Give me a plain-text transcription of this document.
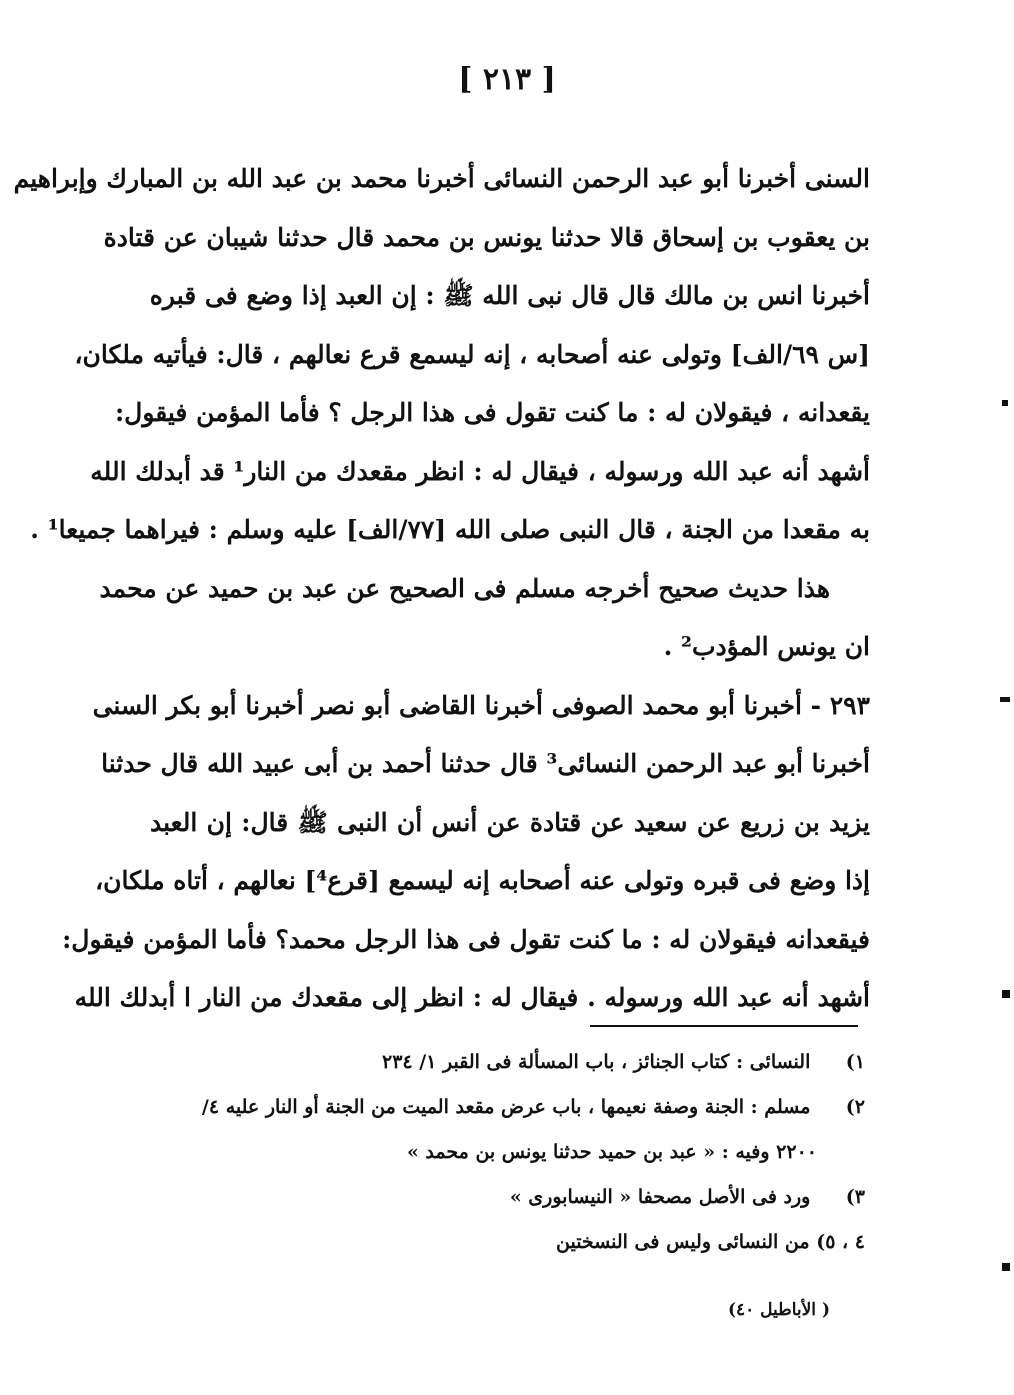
[ ٢١٣ ]
السنى أخبرنا أبو عبد الرحمن النسائى أخبرنا محمد بن عبد الله بن المبارك وإبراهيم
بن يعقوب بن إسحاق قالا حدثنا يونس بن محمد قال حدثنا شيبان عن قتادة
أخبرنا انس بن مالك قال قال نبى الله ﷺ : إن العبد إذا وضع فى قبره
[س ٦٩/الف] وتولى عنه أصحابه ، إنه ليسمع قرع نعالهم ، قال: فيأتيه ملكان،
يقعدانه ، فيقولان له : ما كنت تقول فى هذا الرجل ؟ فأما المؤمن فيقول:
أشهد أنه عبد الله ورسوله ، فيقال له : انظر مقعدك من النار¹ قد أبدلك الله
به مقعدا من الجنة ، قال النبى صلى الله [٧٧/الف] عليه وسلم : فيراهما جميعا¹ .
هذا حديث صحيح أخرجه مسلم فى الصحيح عن عبد بن حميد عن محمد
ان يونس المؤدب² .
٢٩٣ - أخبرنا أبو محمد الصوفى أخبرنا القاضى أبو نصر أخبرنا أبو بكر السنى
أخبرنا أبو عبد الرحمن النسائى³ قال حدثنا أحمد بن أبى عبيد الله قال حدثنا
يزيد بن زريع عن سعيد عن قتادة عن أنس أن النبى ﷺ قال: إن العبد
إذا وضع فى قبره وتولى عنه أصحابه إنه ليسمع [قرع⁴] نعالهم ، أتاه ملكان،
فيقعدانه فيقولان له : ما كنت تقول فى هذا الرجل محمد؟ فأما المؤمن فيقول:
أشهد أنه عبد الله ورسوله . فيقال له : انظر إلى مقعدك من النار ا أبدلك الله
١) النسائى : كتاب الجنائز ، باب المسألة فى القبر ١/ ٢٣٤
٢) مسلم : الجنة وصفة نعيمها ، باب عرض مقعد الميت من الجنة أو النار عليه ٤/
٢٢٠٠ وفيه : « عبد بن حميد حدثنا يونس بن محمد »
٣) ورد فى الأصل مصحفا « النيسابورى »
٤ ، ٥) من النسائى وليس فى النسختين
( الأباطيل ٤٠)
